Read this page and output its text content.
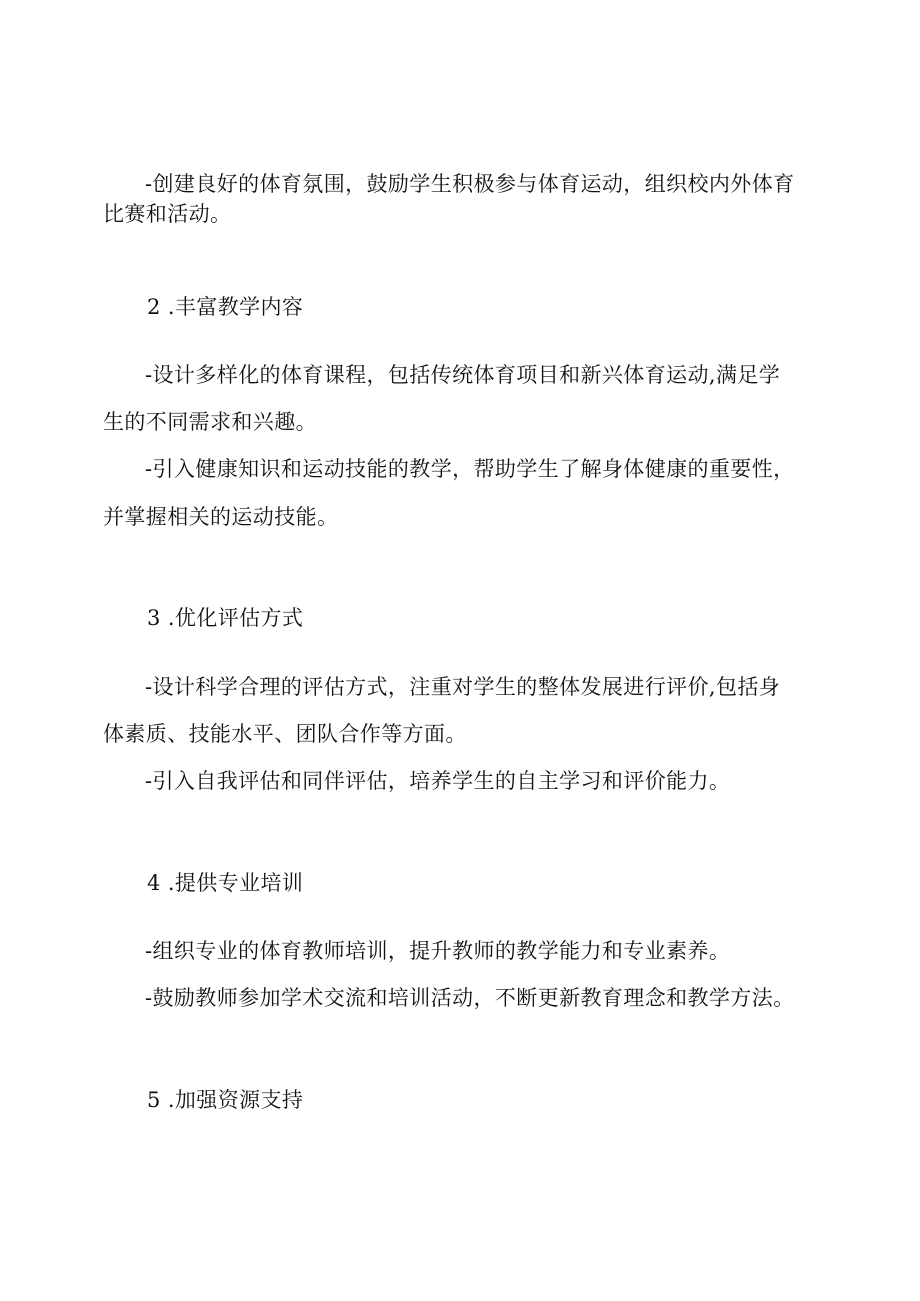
-创建良好的体育氛围，鼓励学生积极参与体育运动，组织校内外体育

比赛和活动。

2 .丰富教学内容

-设计多样化的体育课程，包括传统体育项目和新兴体育运动,满足学

生的不同需求和兴趣。

-引入健康知识和运动技能的教学，帮助学生了解身体健康的重要性，

并掌握相关的运动技能。

3 .优化评估方式

-设计科学合理的评估方式，注重对学生的整体发展进行评价,包括身

体素质、技能水平、团队合作等方面。

-引入自我评估和同伴评估，培养学生的自主学习和评价能力。

4 .提供专业培训

-组织专业的体育教师培训，提升教师的教学能力和专业素养。

-鼓励教师参加学术交流和培训活动，不断更新教育理念和教学方法。

5 .加强资源支持
